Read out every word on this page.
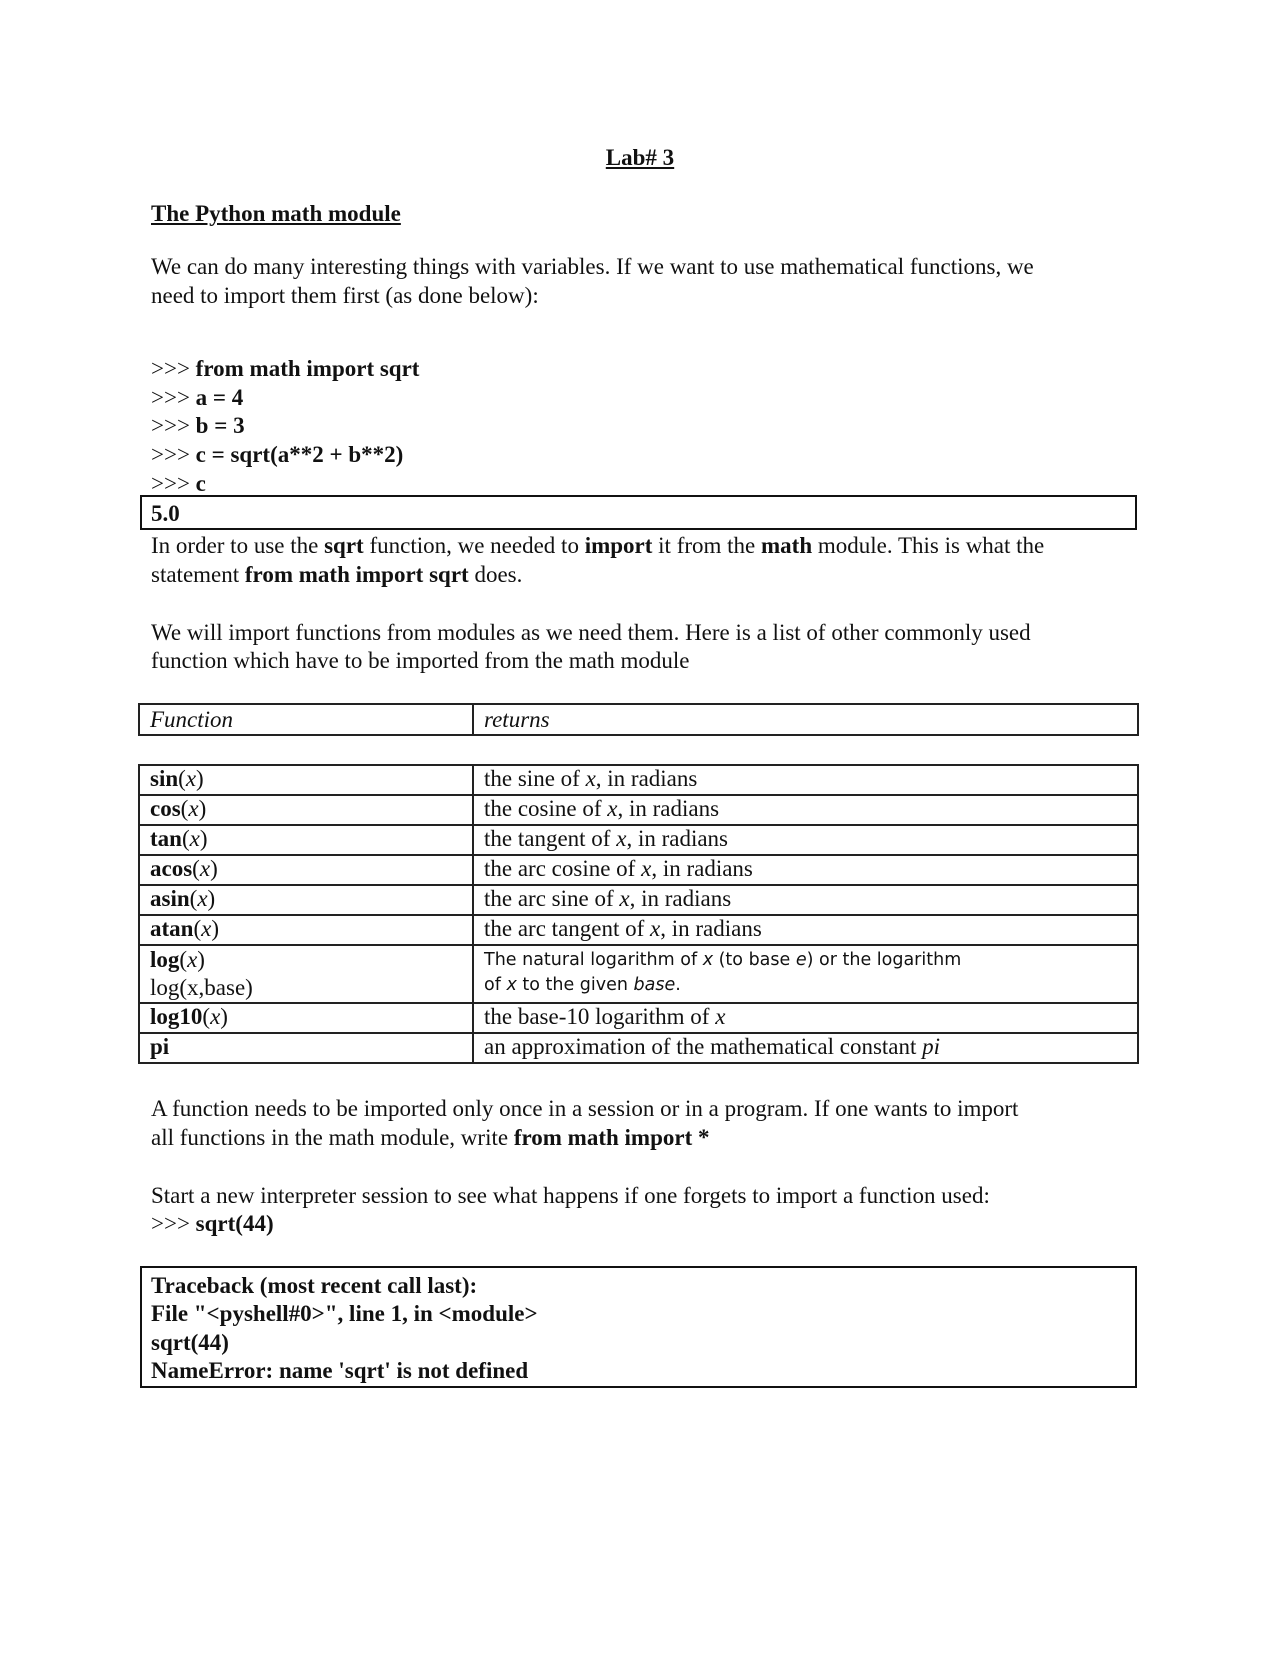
Lab# 3
The Python math module
We can do many interesting things with variables. If we want to use mathematical functions, we
need to import them first (as done below):
>>> from math import sqrt
>>> a = 4
>>> b = 3
>>> c = sqrt(a**2 + b**2)
>>> c
5.0
In order to use the sqrt function, we needed to import it from the math module. This is what the
statement from math import sqrt does.
We will import functions from modules as we need them. Here is a list of other commonly used
function which have to be imported from the math module
Function	returns
sin(x)	the sine of x, in radians
cos(x)	the cosine of x, in radians
tan(x)	the tangent of x, in radians
acos(x)	the arc cosine of x, in radians
asin(x)	the arc sine of x, in radians
atan(x)	the arc tangent of x, in radians
log(x)
log(x,base)	The natural logarithm of x (to base e) or the logarithm
of x to the given base.
log10(x)	the base-10 logarithm of x
pi	an approximation of the mathematical constant pi
A function needs to be imported only once in a session or in a program. If one wants to import
all functions in the math module, write from math import *
Start a new interpreter session to see what happens if one forgets to import a function used:
>>> sqrt(44)
Traceback (most recent call last):
File "<pyshell#0>", line 1, in <module>
sqrt(44)
NameError: name 'sqrt' is not defined
